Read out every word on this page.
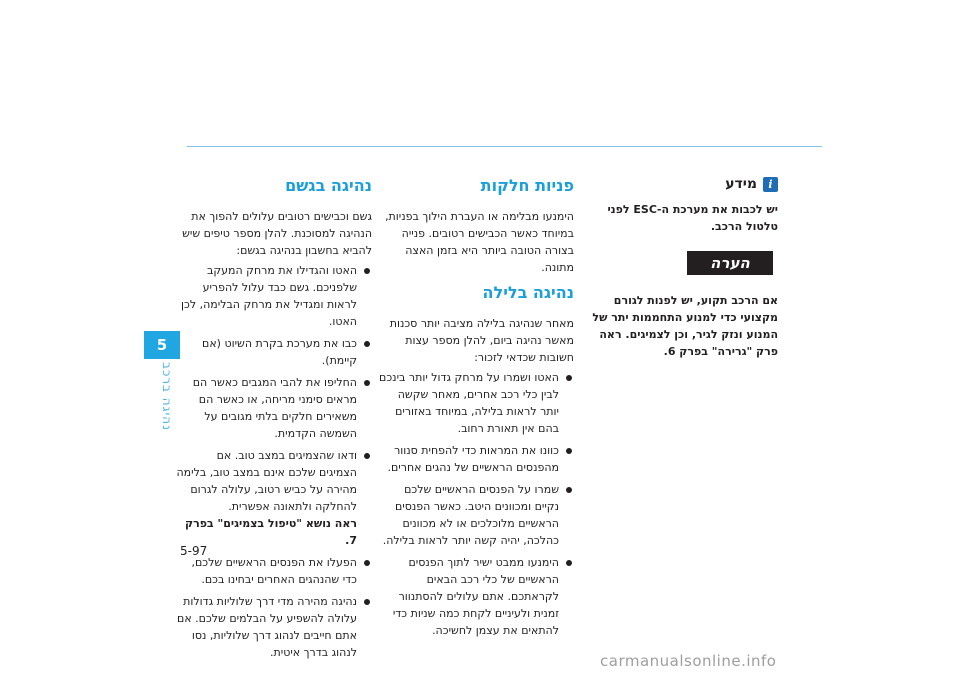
5
נהיגה ברכב
i
מידע

יש לכבות את מערכת ה-ESC לפני טלטול הרכב.

הערה

אם הרכב תקוע, יש לפנות לגורם מקצועי כדי למנוע התחממות יתר של המנוע ונזק לגיר, וכן לצמיגים. ראה פרק "גרירה" בפרק 6.

פניות חלקות

הימנעו מבלימה או העברת הילוך בפניות, במיוחד כאשר הכבישים רטובים. פנייה בצורה הטובה ביותר היא בזמן האצה מתונה.

נהיגה בלילה

מאחר שנהיגה בלילה מציבה יותר סכנות מאשר נהיגה ביום, להלן מספר עצות חשובות שכדאי לזכור:

האטו ושמרו על מרחק גדול יותר בינכם לבין כלי רכב אחרים, מאחר שקשה יותר לראות בלילה, במיוחד באזורים בהם אין תאורת רחוב.
כוונו את המראות כדי להפחית סנוור מהפנסים הראשיים של נהגים אחרים.
שמרו על הפנסים הראשיים שלכם נקיים ומכוונים היטב. כאשר הפנסים הראשיים מלוכלכים או לא מכוונים כהלכה, יהיה קשה יותר לראות בלילה.
הימנעו ממבט ישיר לתוך הפנסים הראשיים של כלי רכב הבאים לקראתכם. אתם עלולים להסתנוור זמנית ולעיניים לקחת כמה שניות כדי להתאים את עצמן לחשיכה.
נהיגה בגשם

גשם וכבישים רטובים עלולים להפוך את הנהיגה למסוכנת. להלן מספר טיפים שיש להביא בחשבון בנהיגה בגשם:

האטו והגדילו את מרחק המעקב שלפניכם. גשם כבד עלול להפריע לראות ומגדיל את מרחק הבלימה, לכן האטו.
כבו את מערכת בקרת השיוט (אם קיימת).
החליפו את להבי המגבים כאשר הם מראים סימני מריחה, או כאשר הם משאירים חלקים בלתי מגובים על השמשה הקדמית.
ודאו שהצמיגים במצב טוב. אם הצמיגים שלכם אינם במצב טוב, בלימה מהירה על כביש רטוב, עלולה לגרום להחלקה ולתאונה אפשרית.
ראה נושא "טיפול בצמיגים" בפרק 7.
הפעלו את הפנסים הראשיים שלכם, כדי שהנהגים האחרים יבחינו בכם.
נהיגה מהירה מדי דרך שלוליות גדולות עלולה להשפיע על הבלמים שלכם. אם אתם חייבים לנהוג דרך שלוליות, נסו לנהוג בדרך איטית.
5-97
carmanualsonline.info
